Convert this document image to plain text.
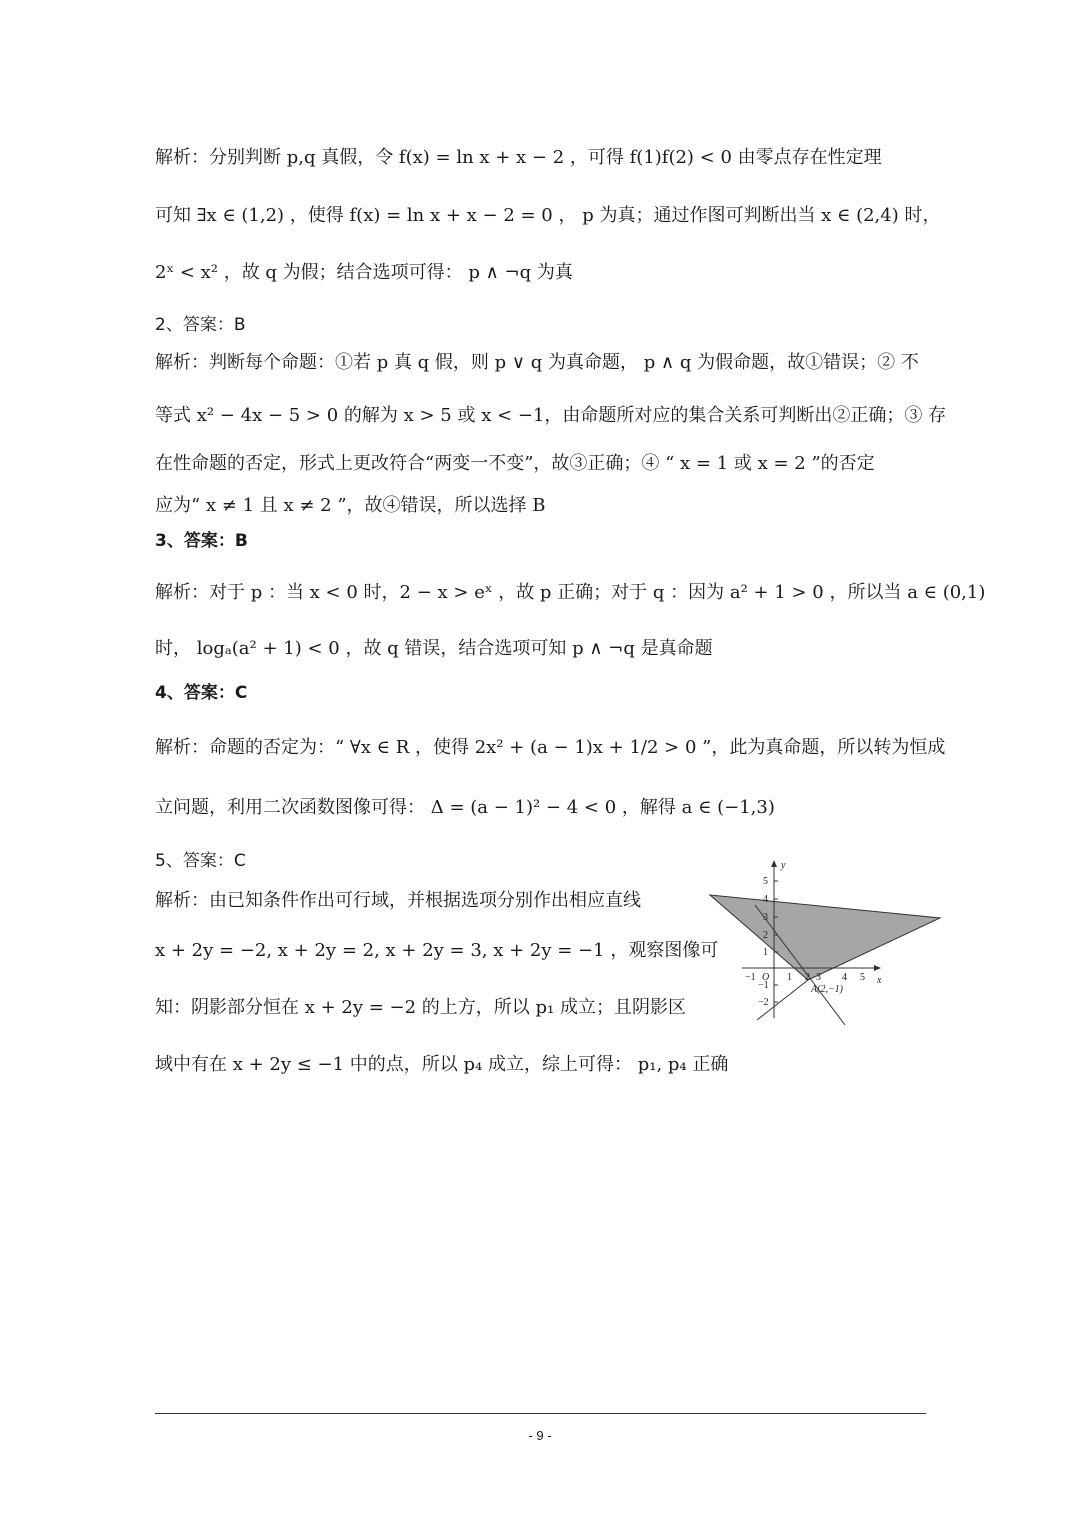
解析：分别判断 p,q 真假，令 f(x) = ln x + x − 2 ，可得 f(1)f(2) < 0 由零点存在性定理
可知 ∃x ∈ (1,2) ，使得 f(x) = ln x + x − 2 = 0 ， p 为真；通过作图可判断出当 x ∈ (2,4) 时，
2ˣ < x² ，故 q 为假；结合选项可得： p ∧ ¬q 为真
2、答案：B
解析：判断每个命题：①若 p 真 q 假，则 p ∨ q 为真命题， p ∧ q 为假命题，故①错误；② 不
等式 x² − 4x − 5 > 0 的解为 x > 5 或 x < −1，由命题所对应的集合关系可判断出②正确；③ 存
在性命题的否定，形式上更改符合“两变一不变”，故③正确；④ “ x = 1 或 x = 2 ”的否定
应为“ x ≠ 1 且 x ≠ 2 ”，故④错误，所以选择 B
3、答案：B
解析：对于 p ：当 x < 0 时，2 − x > eˣ ，故 p 正确；对于 q ：因为 a² + 1 > 0 ，所以当 a ∈ (0,1)
时， logₐ(a² + 1) < 0 ，故 q 错误，结合选项可知 p ∧ ¬q 是真命题
4、答案：C
解析：命题的否定为：“ ∀x ∈ R ，使得 2x² + (a − 1)x + 1/2 > 0 ”，此为真命题，所以转为恒成
立问题，利用二次函数图像可得： Δ = (a − 1)² − 4 < 0 ，解得 a ∈ (−1,3)
5、答案：C
解析：由已知条件作出可行域，并根据选项分别作出相应直线
x + 2y = −2, x + 2y = 2, x + 2y = 3, x + 2y = −1 ，观察图像可
知：阴影部分恒在 x + 2y = −2 的上方，所以 p₁ 成立；且阴影区
域中有在 x + 2y ≤ −1 中的点，所以 p₄ 成立，综上可得： p₁, p₄ 正确
y
x
O
5
4
3
2
1
−1
−2
−1	1 2 3 4 5
A(2,−1)
- 9 -
